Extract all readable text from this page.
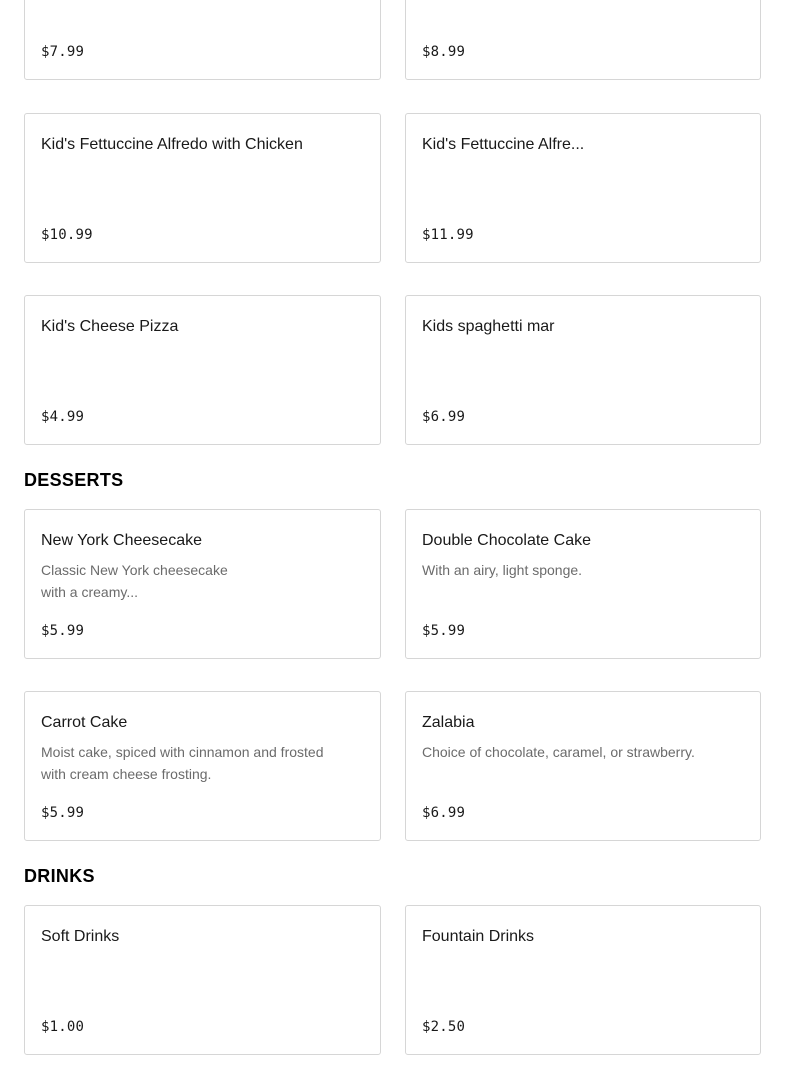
$7.99	$8.99
Kid's Fettuccine Alfredo with Chicken
$10.99
Kid's Fettuccine Alfre...
$11.99
Kid's Cheese Pizza
$4.99
Kids spaghetti mar
$6.99
DESSERTS
New York Cheesecake
Classic New York cheesecake with a creamy...
$5.99
Double Chocolate Cake
With an airy, light sponge.
$5.99
Carrot Cake
Moist cake, spiced with cinnamon and frosted with cream cheese frosting.
$5.99
Zalabia
Choice of chocolate, caramel, or strawberry.
$6.99
DRINKS
Soft Drinks
$1.00
Fountain Drinks
$2.50
